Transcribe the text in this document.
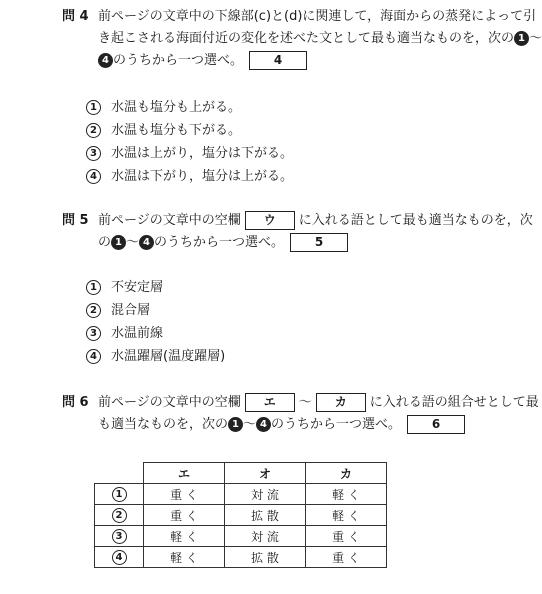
問 4 前ページの文章中の下線部(c)と(d)に関連して，海面からの蒸発によって引
き起こされる海面付近の変化を述べた文として最も適当なものを，次の 1 ～
4 のうちから一つ選べ。	4
1 水温も塩分も上がる。
2 水温も塩分も下がる。
3 水温は上がり，塩分は下がる。
4 水温は下がり，塩分は上がる。
問 5 前ページの文章中の空欄 ウ に入れる語として最も適当なものを，次
の 1 ～ 4 のうちから一つ選べ。	5
1 不安定層
2 混合層
3 水温前線
4 水温躍層(温度躍層)
問 6 前ページの文章中の空欄 エ ～ カ に入れる語の組合せとして最
も適当なものを，次の 1 ～ 4 のうちから一つ選べ。	6
	エ	オ	カ
1	重 く	対 流	軽 く
2	重 く	拡 散	軽 く
3	軽 く	対 流	重 く
4	軽 く	拡 散	重 く
